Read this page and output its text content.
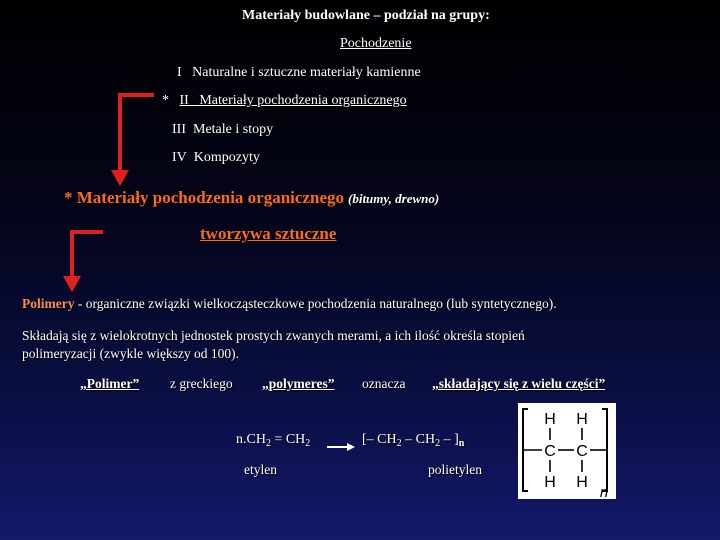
Materiały budowlane – podział na grupy:
Pochodzenie
I Naturalne i sztuczne materiały kamienne
* II Materiały pochodzenia organicznego
III Metale i stopy
IV Kompozyty
* Materiały pochodzenia organicznego (bitumy, drewno)
tworzywa sztuczne
Polimery - organiczne związki wielkocząsteczkowe pochodzenia naturalnego (lub syntetycznego).
Składają się z wielokrotnych jednostek prostych zwanych merami, a ich ilość określa stopień
polimeryzacji (zwykle większy od 100).
„Polimer” z greckiego „polymeres” oznacza „składający się z wielu części”
$n.CH_2 = CH_2$ → [– $CH_2 - CH_2 - ]_n$
etylen	polietylen
H H
C C
H H
n
